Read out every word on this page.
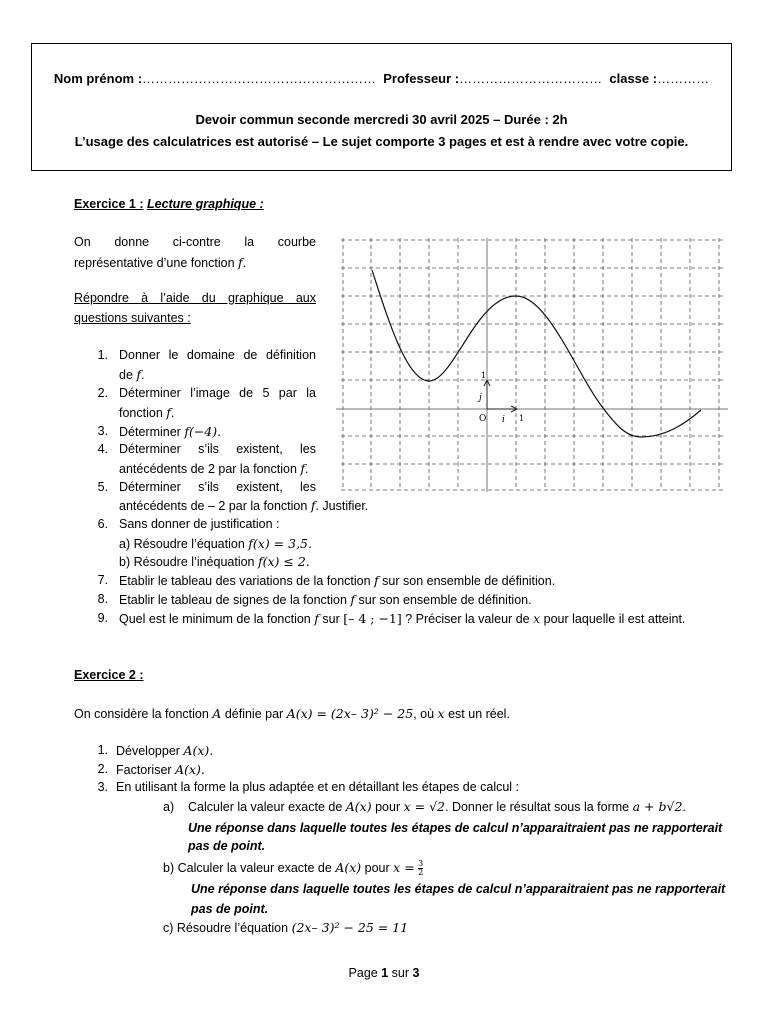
Nom prénom :……………………………………………… Professeur :…………………………… classe :…………
Devoir commun seconde mercredi 30 avril 2025 – Durée : 2h
L’usage des calculatrices est autorisé – Le sujet comporte 3 pages et est à rendre avec votre copie.
Exercice 1 : Lecture graphique :
On donne ci-contre la courbe
représentative d’une fonction f.
Répondre à l’aide du graphique aux
questions suivantes :
1. Donner le domaine de définition
de f.
2. Déterminer l’image de 5 par la
fonction f.
3. Déterminer f(−4).
4. Déterminer s’ils existent, les
antécédents de 2 par la fonction f.
5. Déterminer s’ils existent, les
antécédents de – 2 par la fonction f. Justifier.
6. Sans donner de justification :
a) Résoudre l’équation f(x) = 3,5.
b) Résoudre l’inéquation f(x) ≤ 2.
7. Etablir le tableau des variations de la fonction f sur son ensemble de définition.
8. Etablir le tableau de signes de la fonction f sur son ensemble de définition.
9. Quel est le minimum de la fonction f sur [– 4 ; −1] ? Préciser la valeur de x pour laquelle il est atteint.
O i
j
1
1
Exercice 2 :
On considère la fonction A définie par A(x) = (2x– 3)² − 25, où x est un réel.
1. Développer A(x).
2. Factoriser A(x).
3. En utilisant la forme la plus adaptée et en détaillant les étapes de calcul :
a) Calculer la valeur exacte de A(x) pour x = √2. Donner le résultat sous la forme a + b√2.
Une réponse dans laquelle toutes les étapes de calcul n’apparaitraient pas ne rapporterait
pas de point.
b) Calculer la valeur exacte de A(x) pour $x = \frac{3}{2}$
Une réponse dans laquelle toutes les étapes de calcul n’apparaitraient pas ne rapporterait
pas de point.
c) Résoudre l’équation (2x– 3)² − 25 = 11
Page 1 sur 3
